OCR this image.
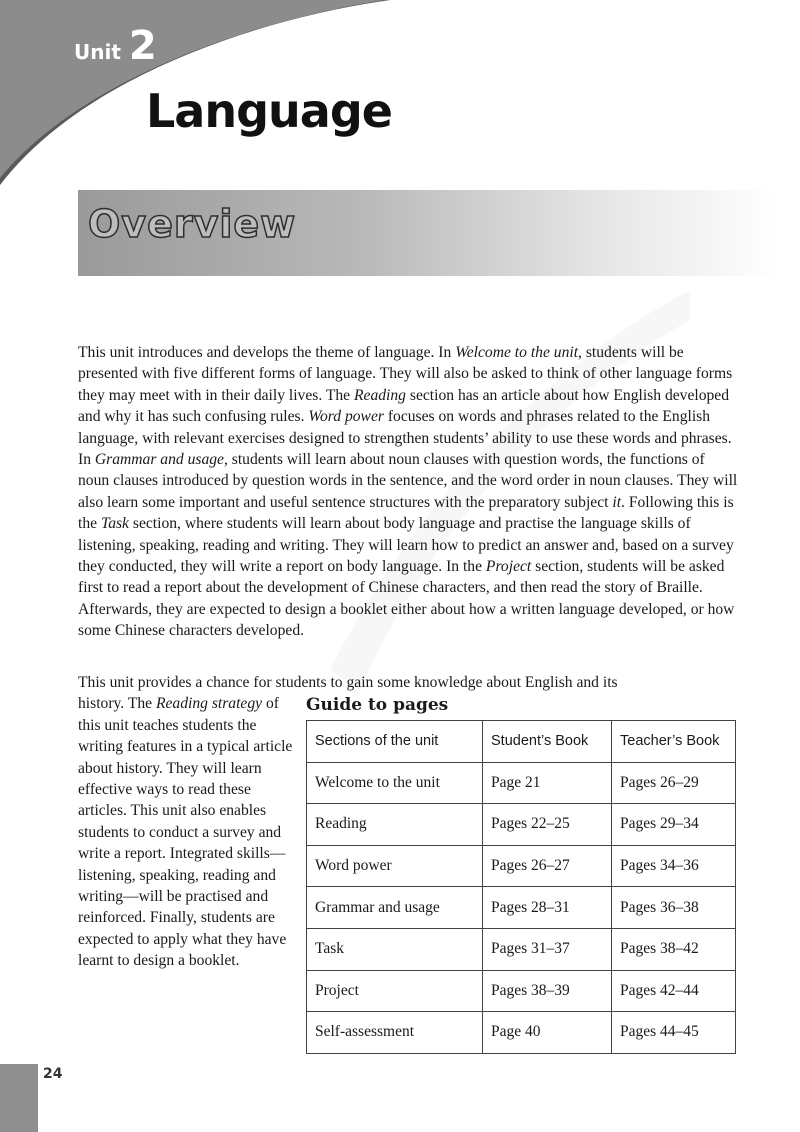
Unit 2
Language
Overview

This unit introduces and develops the theme of language. In Welcome to the unit, students will be presented with five different forms of language. They will also be asked to think of other language forms they may meet with in their daily lives. The Reading section has an article about how English developed and why it has such confusing rules. Word power focuses on words and phrases related to the English language, with relevant exercises designed to strengthen students’ ability to use these words and phrases. In Grammar and usage, students will learn about noun clauses with question words, the functions of noun clauses introduced by question words in the sentence, and the word order in noun clauses. They will also learn some important and useful sentence structures with the preparatory subject it. Following this is the Task section, where students will learn about body language and practise the language skills of listening, speaking, reading and writing. They will learn how to predict an answer and, based on a survey they conducted, they will write a report on body language. In the Project section, students will be asked first to read a report about the development of Chinese characters, and then read the story of Braille. Afterwards, they are expected to design a booklet either about how a written language developed, or how some Chinese characters developed.

This unit provides a chance for students to gain some knowledge about English and its

history. The Reading strategy of this unit teaches students the writing features in a typical article about history. They will learn effective ways to read these articles. This unit also enables students to conduct a survey and write a report. Integrated skills—listening, speaking, reading and writing—will be practised and reinforced. Finally, students are expected to apply what they have learnt to design a booklet.

Guide to pages
Sections of the unit	Student’s Book	Teacher’s Book
Welcome to the unit	Page 21	Pages 26–29
Reading	Pages 22–25	Pages 29–34
Word power	Pages 26–27	Pages 34–36
Grammar and usage	Pages 28–31	Pages 36–38
Task	Pages 31–37	Pages 38–42
Project	Pages 38–39	Pages 42–44
Self-assessment	Page 40	Pages 44–45
24
